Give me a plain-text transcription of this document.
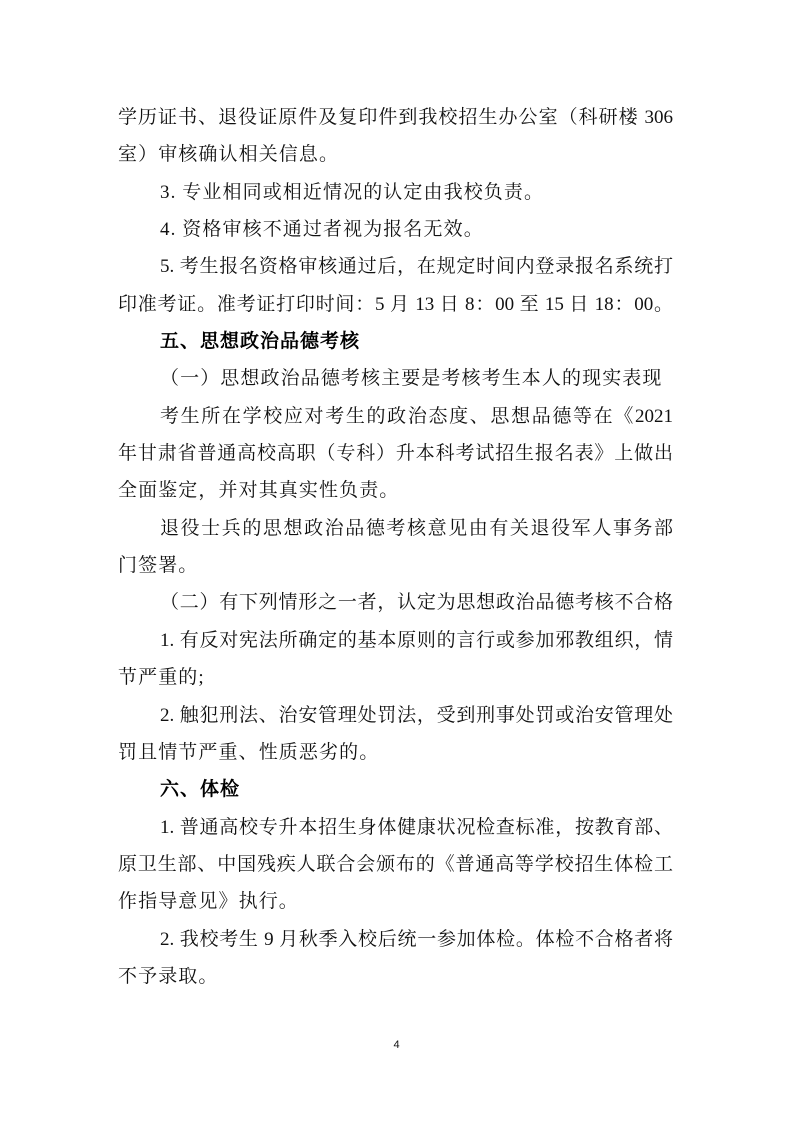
学历证书、退役证原件及复印件到我校招生办公室（科研楼 306
室）审核确认相关信息。
3. 专业相同或相近情况的认定由我校负责。
4. 资格审核不通过者视为报名无效。
5. 考生报名资格审核通过后，在规定时间内登录报名系统打
印准考证。准考证打印时间：5 月 13 日 8：00 至 15 日 18：00。
五、思想政治品德考核
（一）思想政治品德考核主要是考核考生本人的现实表现
考生所在学校应对考生的政治态度、思想品德等在《2021
年甘肃省普通高校高职（专科）升本科考试招生报名表》上做出
全面鉴定，并对其真实性负责。
退役士兵的思想政治品德考核意见由有关退役军人事务部
门签署。
（二）有下列情形之一者，认定为思想政治品德考核不合格
1. 有反对宪法所确定的基本原则的言行或参加邪教组织，情
节严重的;
2. 触犯刑法、治安管理处罚法，受到刑事处罚或治安管理处
罚且情节严重、性质恶劣的。
六、体检
1. 普通高校专升本招生身体健康状况检查标准，按教育部、
原卫生部、中国残疾人联合会颁布的《普通高等学校招生体检工
作指导意见》执行。
2. 我校考生 9 月秋季入校后统一参加体检。体检不合格者将
不予录取。
4
